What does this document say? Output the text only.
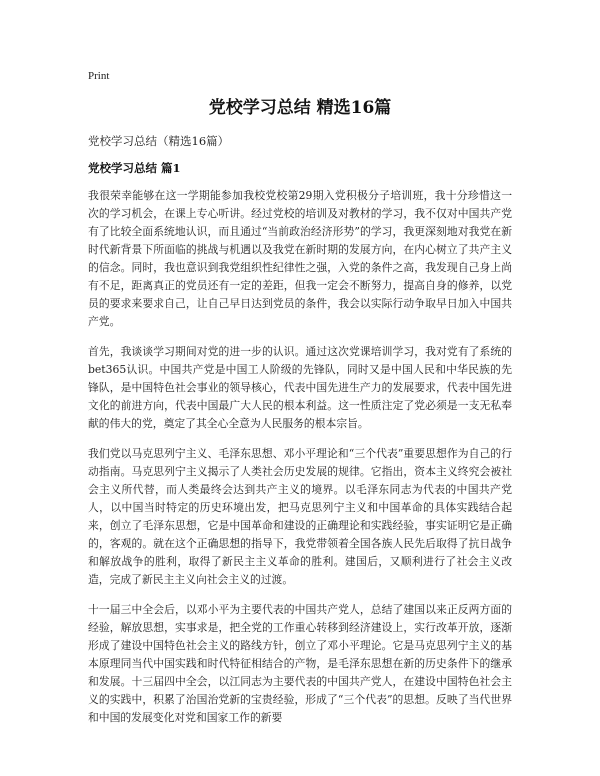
Print
党校学习总结 精选16篇
党校学习总结（精选16篇）
党校学习总结 篇1

我很荣幸能够在这一学期能参加我校党校第29期入党积极分子培训班，我十分珍惜这一次的学习机会，在课上专心听讲。经过党校的培训及对教材的学习，我不仅对中国共产党有了比较全面系统地认识，而且通过“当前政治经济形势”的学习，我更深刻地对我党在新时代新背景下所面临的挑战与机遇以及我党在新时期的发展方向，在内心树立了共产主义的信念。同时，我也意识到我党组织性纪律性之强，入党的条件之高，我发现自己身上尚有不足，距离真正的党员还有一定的差距，但我一定会不断努力，提高自身的修养，以党员的要求来要求自己，让自己早日达到党员的条件，我会以实际行动争取早日加入中国共产党。

首先，我谈谈学习期间对党的进一步的认识。通过这次党课培训学习，我对党有了系统的bet365认识。中国共产党是中国工人阶级的先锋队，同时又是中国人民和中华民族的先锋队，是中国特色社会事业的领导核心，代表中国先进生产力的发展要求，代表中国先进文化的前进方向，代表中国最广大人民的根本利益。这一性质注定了党必须是一支无私奉献的伟大的党，奠定了其全心全意为人民服务的根本宗旨。

我们党以马克思列宁主义、毛泽东思想、邓小平理论和“三个代表”重要思想作为自己的行动指南。马克思列宁主义揭示了人类社会历史发展的规律。它指出，资本主义终究会被社会主义所代替，而人类最终会达到共产主义的境界。以毛泽东同志为代表的中国共产党人，以中国当时特定的历史环境出发，把马克思列宁主义和中国革命的具体实践结合起来，创立了毛泽东思想，它是中国革命和建设的正确理论和实践经验，事实证明它是正确的，客观的。就在这个正确思想的指导下，我党带领着全国各族人民先后取得了抗日战争和解放战争的胜利，取得了新民主主义革命的胜利。建国后，又顺利进行了社会主义改造，完成了新民主主义向社会主义的过渡。

十一届三中全会后，以邓小平为主要代表的中国共产党人，总结了建国以来正反两方面的经验，解放思想，实事求是，把全党的工作重心转移到经济建设上，实行改革开放，逐渐形成了建设中国特色社会主义的路线方针，创立了邓小平理论。它是马克思列宁主义的基本原理同当代中国实践和时代特征相结合的产物，是毛泽东思想在新的历史条件下的继承和发展。十三届四中全会，以江同志为主要代表的中国共产党人，在建设中国特色社会主义的实践中，积累了治国治党新的宝贵经验，形成了“三个代表”的思想。反映了当代世界和中国的发展变化对党和国家工作的新要
